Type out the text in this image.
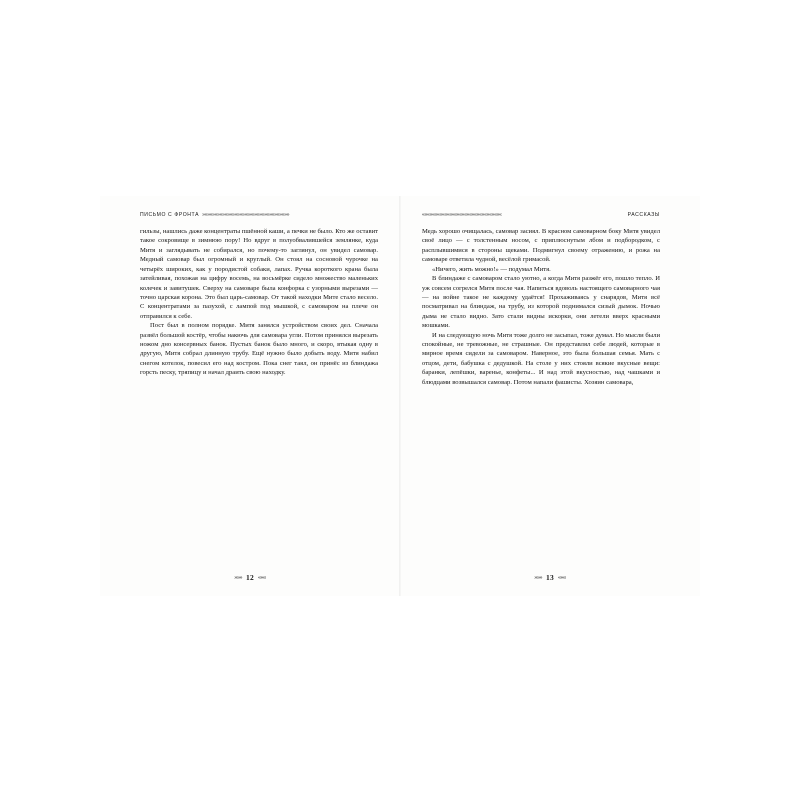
ПИСЬМО С ФРОНТА »»»»»»»»»»»»»»»»»»»»»»»»»»»»»»»»»»»

гильзы, нашлись даже концентраты пшённой каши, а печки не было. Кто же оставит такое сокровище в зимнюю пору! Но вдруг в полуобвалившейся землянке, куда Митя и заглядывать не собирался, но почему-то заглянул, он увидел самовар. Медный самовар был огромный и круглый. Он стоял на сосновой чурочке на четырёх широких, как у породистой собаки, лапах. Ручка короткого крана была затейливая, похожая на цифру восемь, на восьмёрке сидело множество маленьких колечек и завитушек. Сверху на самоваре была конфорка с узорными вырезами — точно царская корона. Это был царь-самовар. От такой находки Мите стало весело. С концентратами за пазухой, с лампой под мышкой, с самоваром на плече он отправился к себе.

Пост был в полном порядке. Митя занялся устройством своих дел. Сначала развёл большой костёр, чтобы накючь для самовара угли. Потом принялся вырезать ножом дно консервных банок. Пустых банок было много, и скоро, втыкая одну в другую, Митя собрал длинную трубу. Ещё нужно было добыть воду. Митя набил снегом котелок, повесил его над костром. Пока снег таял, он принёс из блиндажа горсть песку, тряпицу и начал драить свою находку.

»»» 12 «««
««««««««««««««««««««««««««««««««	РАССКАЗЫ

Медь хорошо очищалась, самовар засиял. В красном самоварном боку Митя увидел своё лицо — с толстенным носом, с приплюснутым лбом и подбородком, с расплывшимися в стороны щеками. Подмигнул своему отражению, и рожа на самоваре ответила чудной, весёлой гримасой.

«Ничего, жить можно!» — подумал Митя.

В блиндаже с самоваром стало уютно, а когда Митя разжёг его, пошло тепло. И уж совсем согрелся Митя после чая. Напиться вдоволь настоящего самоварного чая — на войне такое не каждому удаётся! Прохаживаясь у снарядов, Митя всё посматривал на блиндаж, на трубу, из которой поднимался сизый дымок. Ночью дыма не стало видно. Зато стали видны искорки, они летели вверх красными мошками.

И на следующую ночь Митя тоже долго не засыпал, тоже думал. Но мысли были спокойные, не тревожные, не страшные. Он представлял себе людей, которые в мирное время сидели за самоваром. Наверное, это была большая семья. Мать с отцом, дети, бабушка с дедушкой. На столе у них стояли всякие вкусные вещи: баранки, лепёшки, варенье, конфеты... И над этой вкусностью, над чашками и блюдцами возвышался самовар. Потом напали фашисты. Хозяин самовара,

»»» 13 «««
